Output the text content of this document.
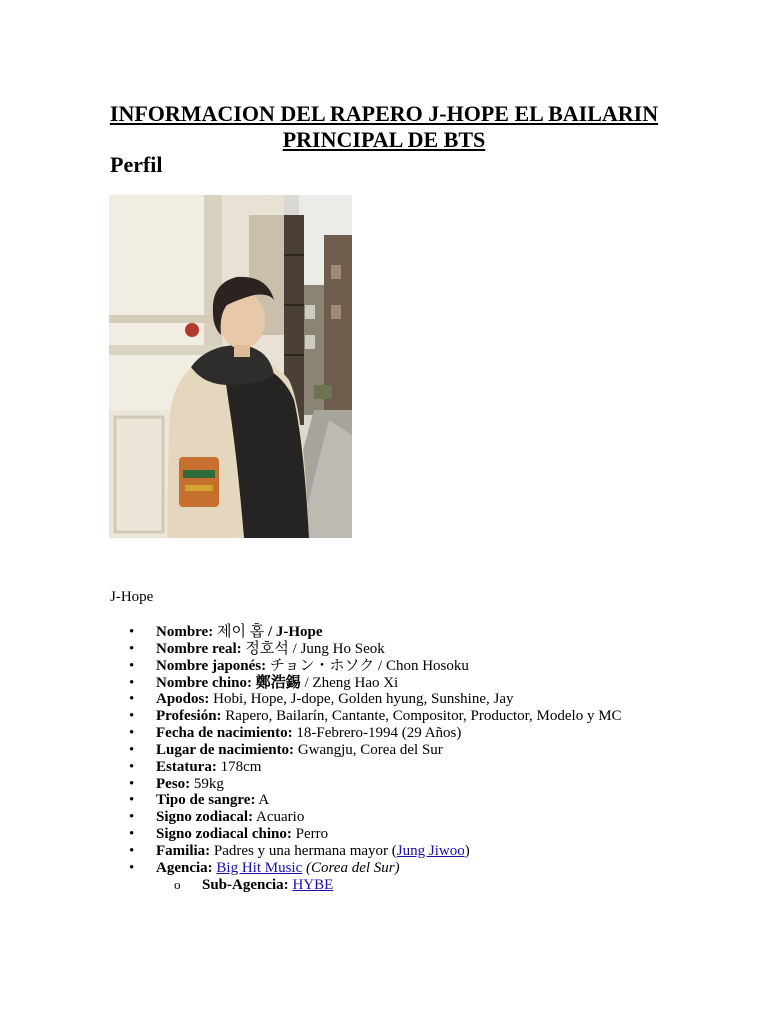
INFORMACION DEL RAPERO J-HOPE EL BAILARIN
PRINCIPAL DE BTS
Perfil
J-Hope
• Nombre: 제이 홉 / J-Hope
• Nombre real: 정호석 / Jung Ho Seok
• Nombre japonés: チョン・ホソク / Chon Hosoku
• Nombre chino: 鄭浩錫 / Zheng Hao Xi
• Apodos: Hobi, Hope, J-dope, Golden hyung, Sunshine, Jay
• Profesión: Rapero, Bailarín, Cantante, Compositor, Productor, Modelo y MC
• Fecha de nacimiento: 18-Febrero-1994 (29 Años)
• Lugar de nacimiento: Gwangju, Corea del Sur
• Estatura: 178cm
• Peso: 59kg
• Tipo de sangre: A
• Signo zodiacal: Acuario
• Signo zodiacal chino: Perro
• Familia: Padres y una hermana mayor (Jung Jiwoo)
• Agencia: Big Hit Music (Corea del Sur)
o Sub-Agencia: HYBE
